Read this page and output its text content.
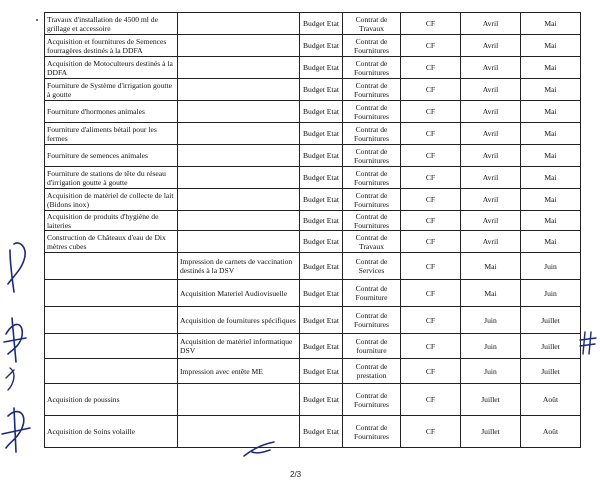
Travaux d'installation de 4500 ml de grillage et accessoire		Budget Etat	Contrat de Travaux	CF	Avril	Mai
Acquisition et fournitures de Semences fourragères destinés à la DDFA		Budget Etat	Contrat de Fournitures	CF	Avril	Mai
Acquisition de Motoculteurs destinés à la DDFA		Budget Etat	Contrat de Fournitures	CF	Avril	Mai
Fourniture de Système d'irrigation goutte à goutte		Budget Etat	Contrat de Fournitures	CF	Avril	Mai
Fourniture d'hormones animales		Budget Etat	Contrat de Fournitures	CF	Avril	Mai
Fourniture d'aliments bétail pour les fermes		Budget Etat	Contrat de Fournitures	CF	Avril	Mai
Fourniture de semences animales		Budget Etat	Contrat de Fournitures	CF	Avril	Mai
Fourniture de stations de tête du réseau d'irrigation goutte à goutte		Budget Etat	Contrat de Fournitures	CF	Avril	Mai
Acquisition de matériel de collecte de lait (Bidons inox)		Budget Etat	Contrat de Fournitures	CF	Avril	Mai
Acquisition de produits d'hygiène de laiteries		Budget Etat	Contrat de Fournitures	CF	Avril	Mai
Construction de Châteaux d'eau de Dix mètres cubes		Budget Etat	Contrat de Travaux	CF	Avril	Mai
	Impression de carnets de vaccination destinés à la DSV	Budget Etat	Contrat de Services	CF	Mai	Juin
	Acquisition Materiel Audiovisuelle	Budget Etat	Contrat de Fourniture	CF	Mai	Juin
	Acquisition de fournitures spécifiques	Budget Etat	Contrat de Fournitures	CF	Juin	Juillet
	Acquisition de matériel informatique DSV	Budget Etat	Contrat de fourniture	CF	Juin	Juillet
	Impression avec entête ME	Budget Etat	Contrat de prestation	CF	Juin	Juillet
Acquisition de poussins		Budget Etat	Contrat de Fournitures	CF	Juillet	Août
Acquisition de Soins volaille		Budget Etat	Contrat de Fournitures	CF	Juillet	Août
2/3
